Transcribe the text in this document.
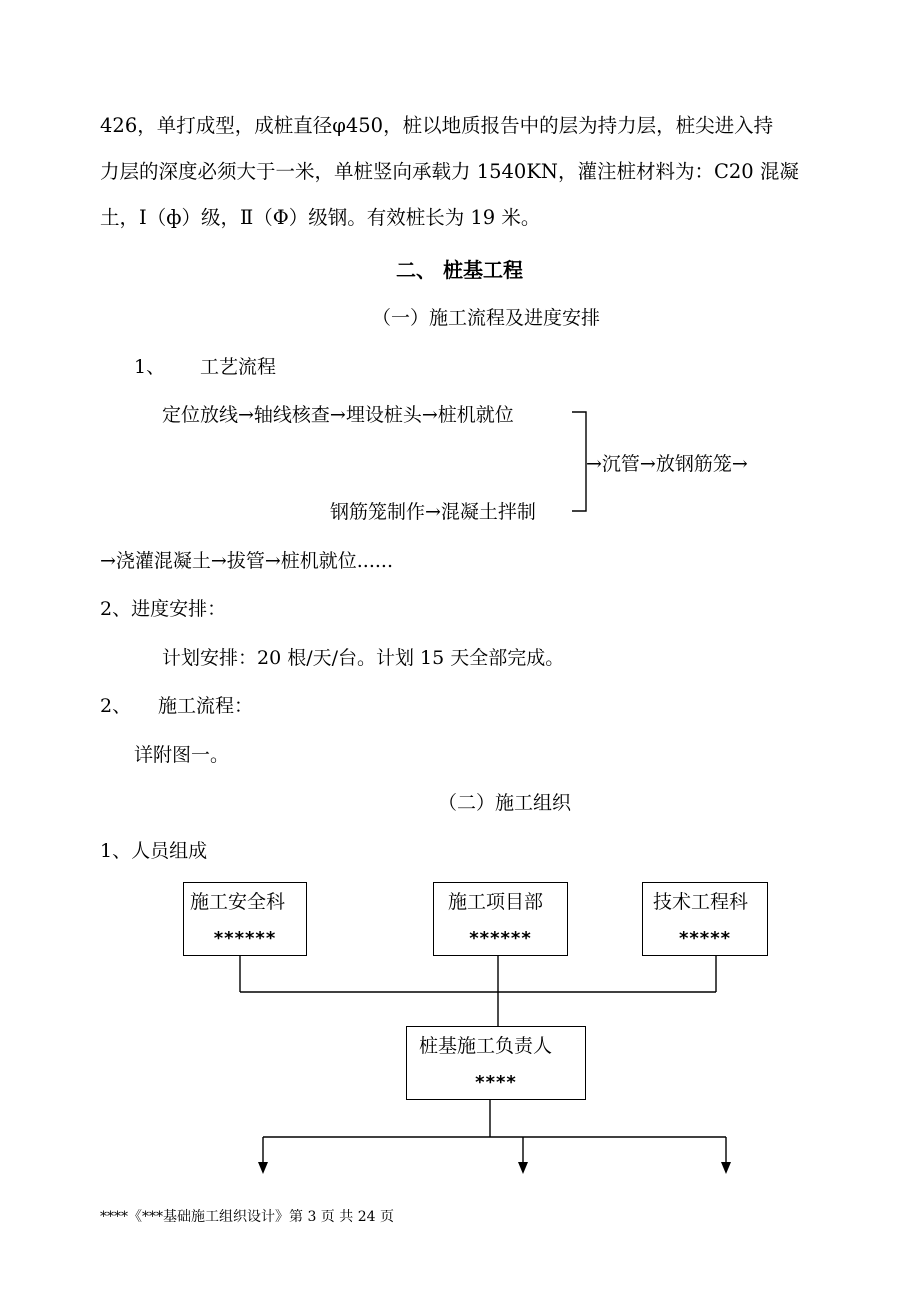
426，单打成型，成桩直径φ450，桩以地质报告中的层为持力层，桩尖进入持
力层的深度必须大于一米，单桩竖向承载力 1540KN，灌注桩材料为：C20 混凝
土，Ⅰ（ф）级，Ⅱ（Φ）级钢。有效桩长为 19 米。
二、 桩基工程
（一）施工流程及进度安排
1、 工艺流程
定位放线→轴线核查→埋设桩头→桩机就位
→沉管→放钢筋笼→
钢筋笼制作→混凝土拌制
→浇灌混凝土→拔管→桩机就位......
2、进度安排：
计划安排：20 根/天/台。计划 15 天全部完成。
2、 施工流程：
详附图一。
（二）施工组织
1、人员组成
施工安全科
******
施工项目部
******
技术工程科
*****
桩基施工负责人
****
****《***基础施工组织设计》第 3 页 共 24 页
